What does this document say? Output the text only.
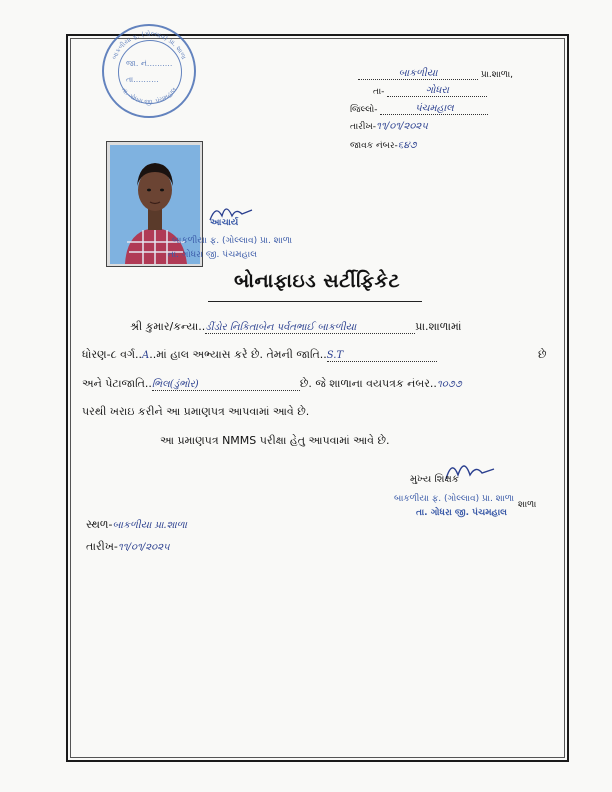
બાકળીયા ફ. (ગોલ્લાવ) પ્રા. શાળા
તા. ગોધરા જી. પંચમહાલ
જા. નં..........
તા..........
બાકળીયા	પ્રા.શાળા,
તા-	ગોધરા
જિલ્લો-	પંચમહાલ
તારીખ-૧૧/૦૧/૨૦૨૫
જાવક નંબર-૬૪૭
આચાર્ય
બાકળીયા ફ. (ગોલ્લાવ) પ્રા. શાળા
તા. ગોધરા જી. પંચમહાલ
બોનાફાઇડ સર્ટીફિકેટ
શ્રી કુમાર/કન્યા..ડીંડોર નિકિતાબેન પર્વતભાઈ બાકળીયા	પ્રા.શાળામાં
ધોરણ-૮ વર્ગ..A..માં હાલ અભ્યાસ કરે છે. તેમની જાતિ..S.T	છે
અને પેટાજાતિ..ભિલ(ડુંભોર)	છે. જે શાળાના વયપત્રક નંબર..૧૦૭૭
પરથી ખરાઇ કરીને આ પ્રમાણપત્ર આપવામાં આવે છે.
આ પ્રમાણપત્ર NMMS પરીક્ષા હેતુ આપવામાં આવે છે.
મુખ્ય શિક્ષક
બાકળીયા ફ. (ગોલ્લાવ) પ્રા. શાળા
શાળા
તા. ગોધરા જી. પંચમહાલ
સ્થળ-બાકળીયા પ્રા.શાળા
તારીખ-૧૧/૦૧/૨૦૨૫
